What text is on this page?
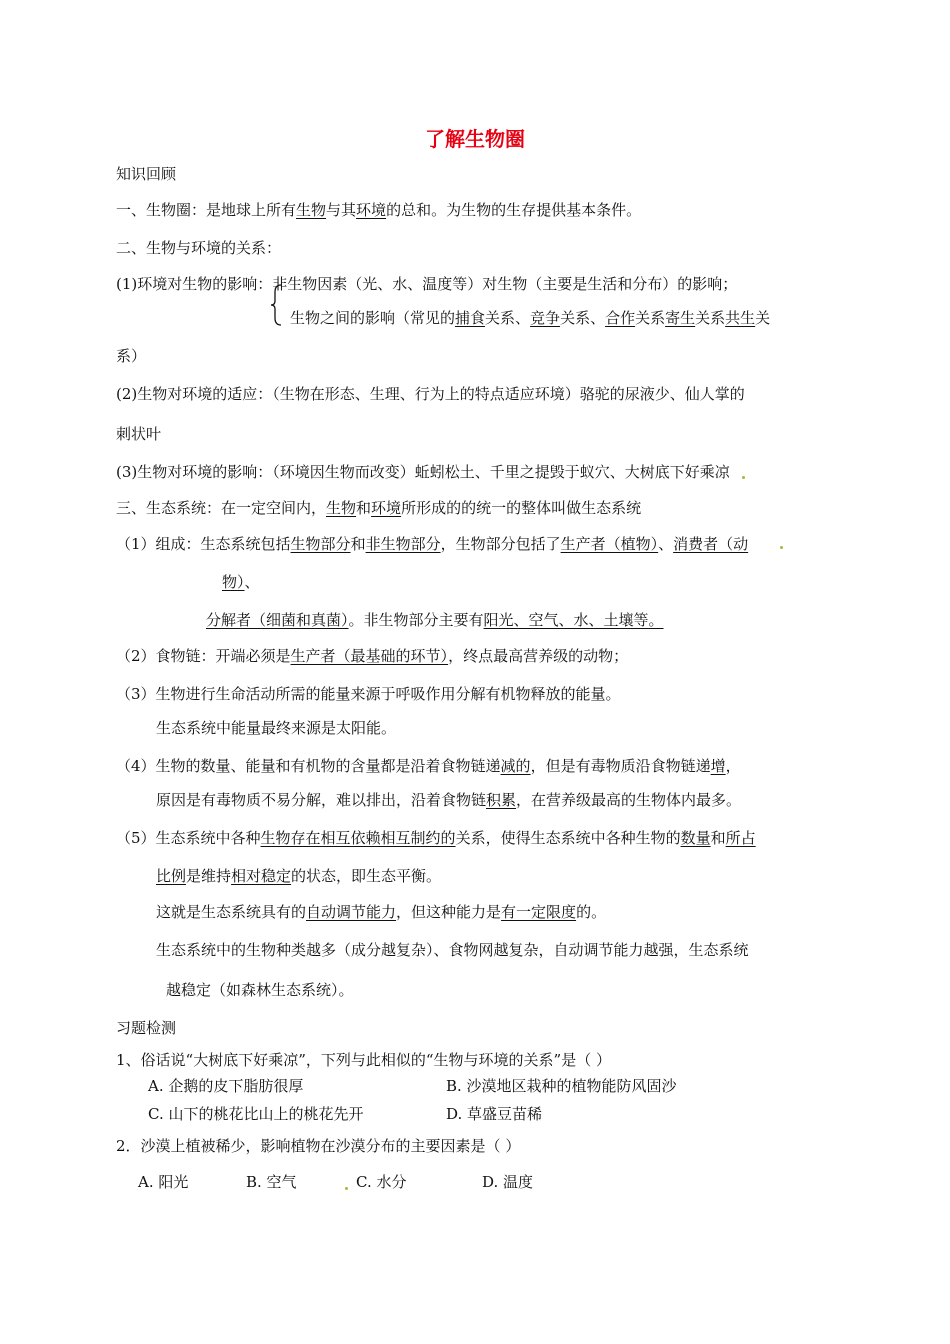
了解生物圈
知识回顾
一、生物圈：是地球上所有生物与其环境的总和。为生物的生存提供基本条件。
二、生物与环境的关系：
(1)环境对生物的影响：非生物因素（光、水、温度等）对生物（主要是生活和分布）的影响；
生物之间的影响（常见的捕食关系、竞争关系、合作关系寄生关系共生关
系）
(2)生物对环境的适应：（生物在形态、生理、行为上的特点适应环境）骆驼的尿液少、仙人掌的
刺状叶
(3)生物对环境的影响：（环境因生物而改变）蚯蚓松土、千里之提毁于蚁穴、大树底下好乘凉
三、生态系统：在一定空间内，生物和环境所形成的的统一的整体叫做生态系统
（1）组成：生态系统包括生物部分和非生物部分，生物部分包括了生产者（植物）、消费者（动
物）、
分解者（细菌和真菌）。非生物部分主要有阳光、空气、水、土壤等。
（2）食物链：开端必须是生产者（最基础的环节），终点最高营养级的动物；
（3）生物进行生命活动所需的能量来源于呼吸作用分解有机物释放的能量。
生态系统中能量最终来源是太阳能。
（4）生物的数量、能量和有机物的含量都是沿着食物链递减的，但是有毒物质沿食物链递增，
原因是有毒物质不易分解，难以排出，沿着食物链积累，在营养级最高的生物体内最多。
（5）生态系统中各种生物存在相互依赖相互制约的关系，使得生态系统中各种生物的数量和所占
比例是维持相对稳定的状态，即生态平衡。
这就是生态系统具有的自动调节能力，但这种能力是有一定限度的。
生态系统中的生物种类越多（成分越复杂）、食物网越复杂，自动调节能力越强，生态系统
越稳定（如森林生态系统）。
习题检测
1、俗话说“大树底下好乘凉”，下列与此相似的“生物与环境的关系”是（ ）
A. 企鹅的皮下脂肪很厚	B. 沙漠地区栽种的植物能防风固沙
C. 山下的桃花比山上的桃花先开	D. 草盛豆苗稀
2．沙漠上植被稀少，影响植物在沙漠分布的主要因素是（ ）
A. 阳光	B. 空气	C. 水分	D. 温度
